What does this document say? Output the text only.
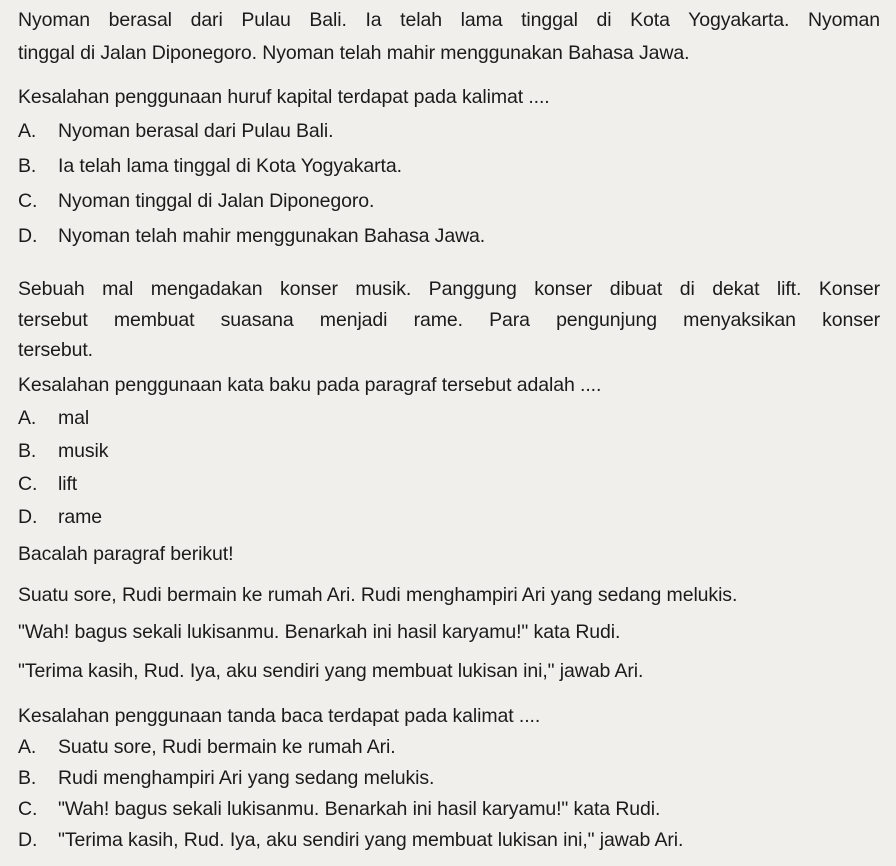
Nyoman berasal dari Pulau Bali. Ia telah lama tinggal di Kota Yogyakarta. Nyoman
tinggal di Jalan Diponegoro. Nyoman telah mahir menggunakan Bahasa Jawa.
Kesalahan penggunaan huruf kapital terdapat pada kalimat ....
A. Nyoman berasal dari Pulau Bali.
B. Ia telah lama tinggal di Kota Yogyakarta.
C. Nyoman tinggal di Jalan Diponegoro.
D. Nyoman telah mahir menggunakan Bahasa Jawa.
Sebuah mal mengadakan konser musik. Panggung konser dibuat di dekat lift. Konser
tersebut membuat suasana menjadi rame. Para pengunjung menyaksikan konser
tersebut.
Kesalahan penggunaan kata baku pada paragraf tersebut adalah ....
A. mal
B. musik
C. lift
D. rame
Bacalah paragraf berikut!
Suatu sore, Rudi bermain ke rumah Ari. Rudi menghampiri Ari yang sedang melukis.
"Wah! bagus sekali lukisanmu. Benarkah ini hasil karyamu!" kata Rudi.
"Terima kasih, Rud. Iya, aku sendiri yang membuat lukisan ini," jawab Ari.
Kesalahan penggunaan tanda baca terdapat pada kalimat ....
A. Suatu sore, Rudi bermain ke rumah Ari.
B. Rudi menghampiri Ari yang sedang melukis.
C. "Wah! bagus sekali lukisanmu. Benarkah ini hasil karyamu!" kata Rudi.
D. "Terima kasih, Rud. Iya, aku sendiri yang membuat lukisan ini," jawab Ari.
